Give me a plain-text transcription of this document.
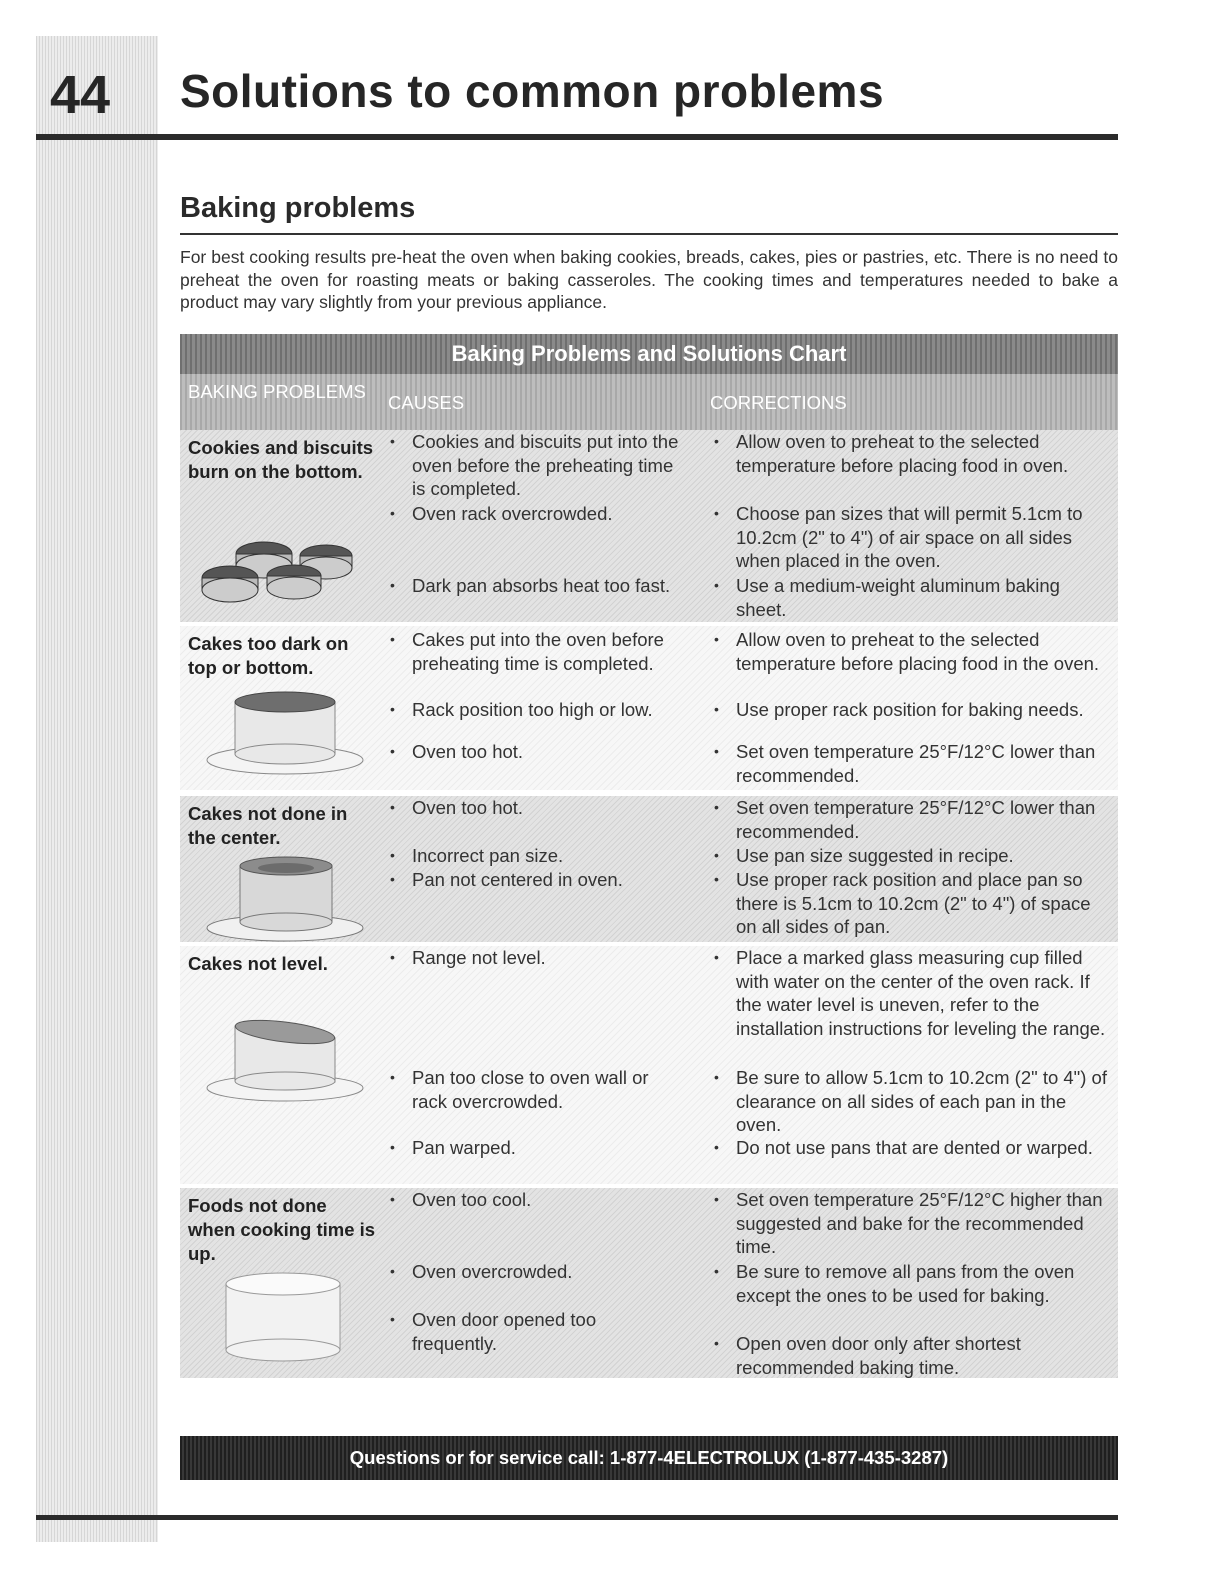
44 Solutions to common problems
Baking problems
For best cooking results pre-heat the oven when baking cookies, breads, cakes, pies or pastries, etc. There is no need to preheat the oven for roasting meats or baking casseroles. The cooking times and temperatures needed to bake a product may vary slightly from your previous appliance.
Baking Problems and Solutions Chart
BAKING PROBLEMS
CAUSES	CORRECTIONS
Cookies and biscuits burn on the bottom.
• Cookies and biscuits put into the oven before the preheating time is completed.
• Oven rack overcrowded.
• Dark pan absorbs heat too fast.
• Allow oven to preheat to the selected temperature before placing food in oven.
• Choose pan sizes that will permit 5.1cm to 10.2cm (2" to 4") of air space on all sides when placed in the oven.
• Use a medium-weight aluminum baking sheet.
Cakes too dark on top or bottom.
• Cakes put into the oven before preheating time is completed.
• Rack position too high or low.
• Oven too hot.
• Allow oven to preheat to the selected temperature before placing food in the oven.
• Use proper rack position for baking needs.
• Set oven temperature 25°F/12°C lower than recommended.
Cakes not done in the center.
• Oven too hot.
• Incorrect pan size.
• Pan not centered in oven.
• Set oven temperature 25°F/12°C lower than recommended.
• Use pan size suggested in recipe.
• Use proper rack position and place pan so there is 5.1cm to 10.2cm (2" to 4") of space on all sides of pan.
Cakes not level.	• Range not level.
• Pan too close to oven wall or rack overcrowded.
• Pan warped.
• Place a marked glass measuring cup filled with water on the center of the oven rack. If the water level is uneven, refer to the installation instructions for leveling the range.
• Be sure to allow 5.1cm to 10.2cm (2" to 4") of clearance on all sides of each pan in the oven.
• Do not use pans that are dented or warped.
Foods not done when cooking time is up.
• Oven too cool.
• Oven overcrowded.
• Oven door opened too frequently.
• Set oven temperature 25°F/12°C higher than suggested and bake for the recommended time.
• Be sure to remove all pans from the oven except the ones to be used for baking.
• Open oven door only after shortest recommended baking time.
Questions or for service call: 1-877-4ELECTROLUX (1-877-435-3287)
